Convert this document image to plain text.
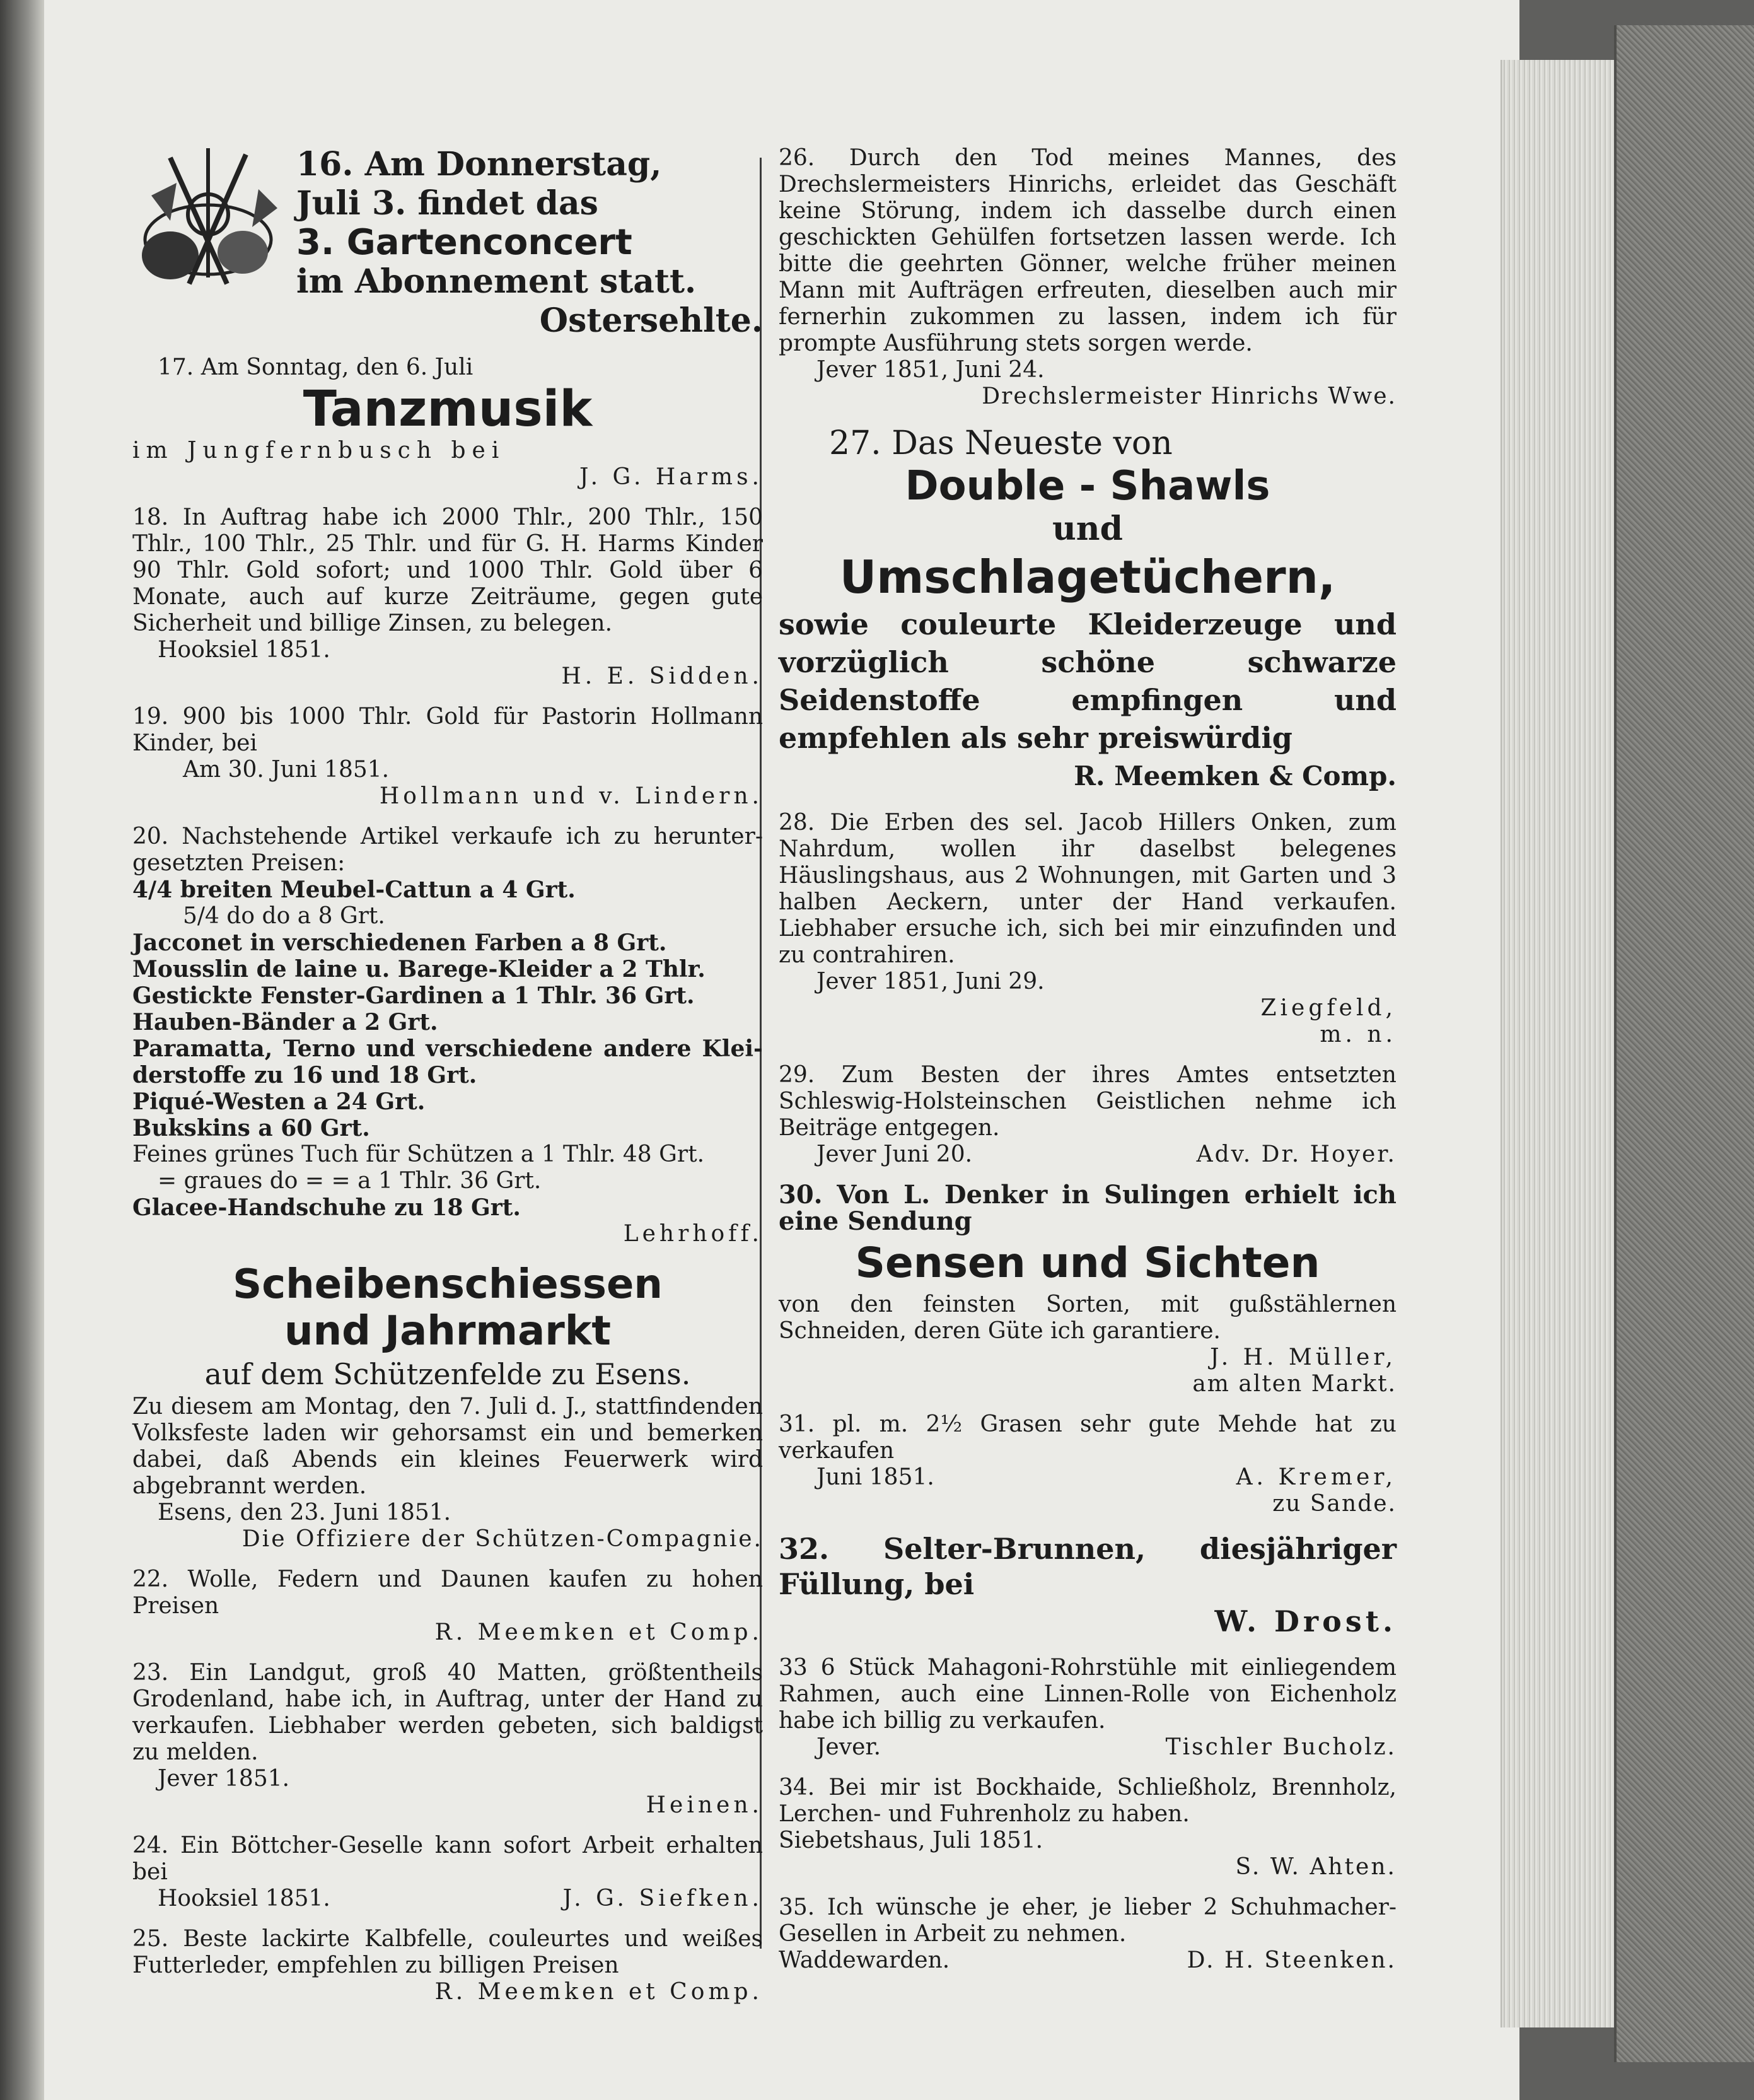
16. Am Donnerstag,

Juli 3. findet das

3. Gartenconcert

im Abonnement statt.

Ostersehlte.

17. Am Sonntag, den 6. Juli

Tanzmusik

im Jungfernbusch bei

J. G. Harms.

18. In Auftrag habe ich 2000 Thlr., 200 Thlr., 150 Thlr., 100 Thlr., 25 Thlr. und für G. H. Harms Kinder 90 Thlr. Gold sofort; und 1000 Thlr. Gold über 6 Monate, auch auf kurze Zeiträume, gegen gute Sicherheit und billige Zinsen, zu belegen.

Hooksiel 1851.

H. E. Sidden.

19. 900 bis 1000 Thlr. Gold für Pastorin Hollmann Kinder, bei

Am 30. Juni 1851.

Hollmann und v. Lindern.

20. Nachstehende Artikel verkaufe ich zu herunter- gesetzten Preisen:

4/4 breiten Meubel-Cattun a 4 Grt.

5/4 do do a 8 Grt.

Jacconet in verschiedenen Farben a 8 Grt.

Mousslin de laine u. Barege-Kleider a 2 Thlr.

Gestickte Fenster-Gardinen a 1 Thlr. 36 Grt.

Hauben-Bänder a 2 Grt.

Paramatta, Terno und verschiedene andere Klei- derstoffe zu 16 und 18 Grt.

Piqué-Westen a 24 Grt.

Bukskins a 60 Grt.

Feines grünes Tuch für Schützen a 1 Thlr. 48 Grt.

= graues do = = a 1 Thlr. 36 Grt.

Glacee-Handschuhe zu 18 Grt.

Lehrhoff.

Scheibenschiessen

und Jahrmarkt

auf dem Schützenfelde zu Esens.

Zu diesem am Montag, den 7. Juli d. J., stattfindenden Volksfeste laden wir gehorsamst ein und bemerken dabei, daß Abends ein kleines Feuerwerk wird abgebrannt werden.

Esens, den 23. Juni 1851.

Die Offiziere der Schützen-Compagnie.

22. Wolle, Federn und Daunen kaufen zu hohen Preisen

R. Meemken et Comp.

23. Ein Landgut, groß 40 Matten, größtentheils Grodenland, habe ich, in Auftrag, unter der Hand zu verkaufen. Liebhaber werden gebeten, sich baldigst zu melden.

Jever 1851.

Heinen.

24. Ein Böttcher-Geselle kann sofort Arbeit erhalten bei

Hooksiel 1851.	J. G. Siefken.

25. Beste lackirte Kalbfelle, couleurtes und weißes Futterleder, empfehlen zu billigen Preisen

R. Meemken et Comp.

26. Durch den Tod meines Mannes, des Drechslermeisters Hinrichs, erleidet das Geschäft keine Störung, indem ich dasselbe durch einen geschickten Gehülfen fortsetzen lassen werde. Ich bitte die geehrten Gönner, welche früher meinen Mann mit Aufträgen erfreuten, dieselben auch mir fernerhin zukommen zu lassen, indem ich für prompte Ausführung stets sorgen werde.

Jever 1851, Juni 24.

Drechslermeister Hinrichs Wwe.

27. Das Neueste von

Double - Shawls

und

Umschlagetüchern,

sowie couleurte Kleiderzeuge und vorzüglich schöne schwarze Seidenstoffe empfingen und empfehlen als sehr preiswürdig

R. Meemken & Comp.

28. Die Erben des sel. Jacob Hillers Onken, zum Nahrdum, wollen ihr daselbst belegenes Häuslingshaus, aus 2 Wohnungen, mit Garten und 3 halben Aeckern, unter der Hand verkaufen. Liebhaber ersuche ich, sich bei mir einzufinden und zu contrahiren.

Jever 1851, Juni 29.

Ziegfeld,

m. n.

29. Zum Besten der ihres Amtes entsetzten Schleswig-Holsteinschen Geistlichen nehme ich Beiträge entgegen.

Jever Juni 20.	Adv. Dr. Hoyer.

30. Von L. Denker in Sulingen erhielt ich eine Sendung

Sensen und Sichten

von den feinsten Sorten, mit gußstählernen Schneiden, deren Güte ich garantiere.

J. H. Müller,

am alten Markt.

31. pl. m. 2½ Grasen sehr gute Mehde hat zu verkaufen

Juni 1851.	A. Kremer,

zu Sande.

32. Selter-Brunnen, diesjähriger Füllung, bei

W. Drost.

33 6 Stück Mahagoni-Rohrstühle mit einliegendem Rahmen, auch eine Linnen-Rolle von Eichenholz habe ich billig zu verkaufen.

Jever.	Tischler Bucholz.

34. Bei mir ist Bockhaide, Schließholz, Brennholz, Lerchen- und Fuhrenholz zu haben.

Siebetshaus, Juli 1851.

S. W. Ahten.

35. Ich wünsche je eher, je lieber 2 Schuhmacher-Gesellen in Arbeit zu nehmen.

Waddewarden.	D. H. Steenken.
